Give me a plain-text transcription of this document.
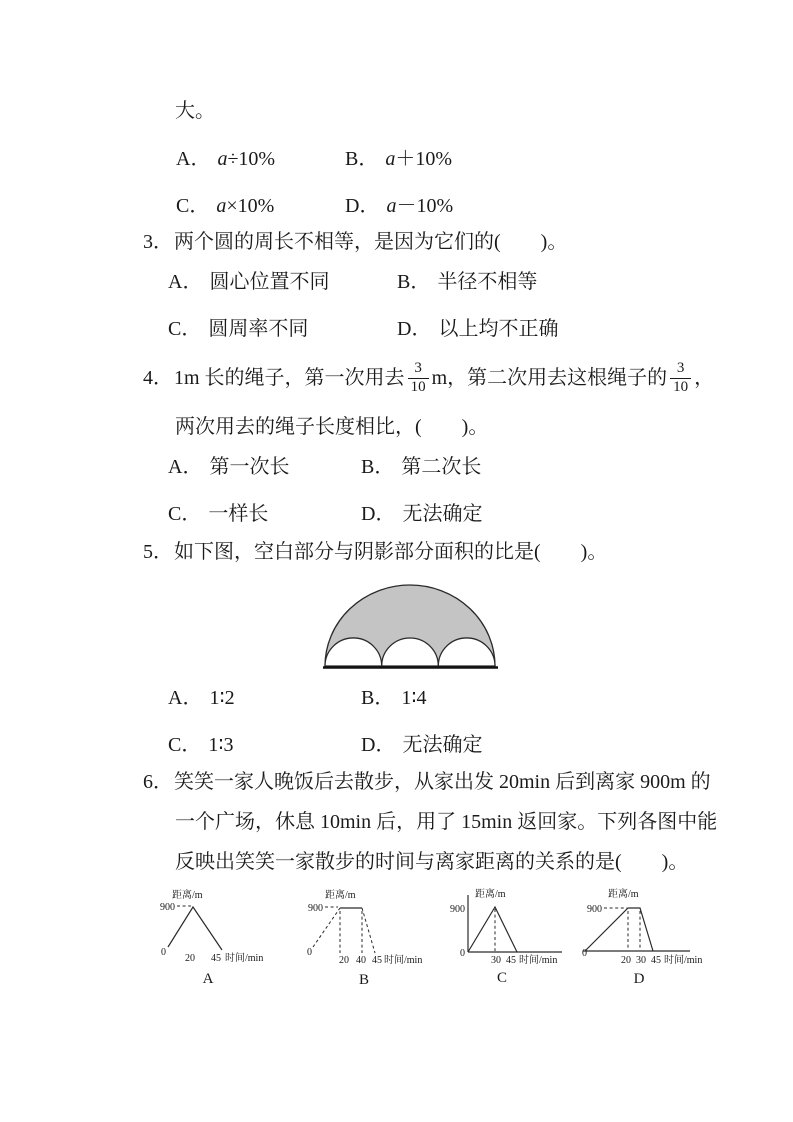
大。
A． a÷10%	B． a＋10%
C． a×10%	D． a－10%
3．两个圆的周长不相等，是因为它们的(　　)。
A． 圆心位置不同	B． 半径不相等
C． 圆周率不同	D． 以上均不正确
4． 1m 长的绳子，第一次用去 $\frac{3}{10}$ m，第二次用去这根绳子的 $\frac{3}{10}$ ，
两次用去的绳子长度相比，(　　)。
A． 第一次长	B． 第二次长
C． 一样长	D． 无法确定
5．如下图，空白部分与阴影部分面积的比是(　　)。
A． 1∶2	B． 1∶4
C． 1∶3	D． 无法确定
6．笑笑一家人晚饭后去散步，从家出发 20min 后到离家 900m 的
一个广场，休息 10min 后，用了 15min 返回家。下列各图中能
反映出笑笑一家散步的时间与离家距离的关系的是(　　)。
距离/m
900
0
20 45 时间/min
A
距离/m
900
0
20 40 45 时间/min
B
距离/m
900
0
30 45 时间/min
C
距离/m
900
0
20 30 45 时间/min
D
